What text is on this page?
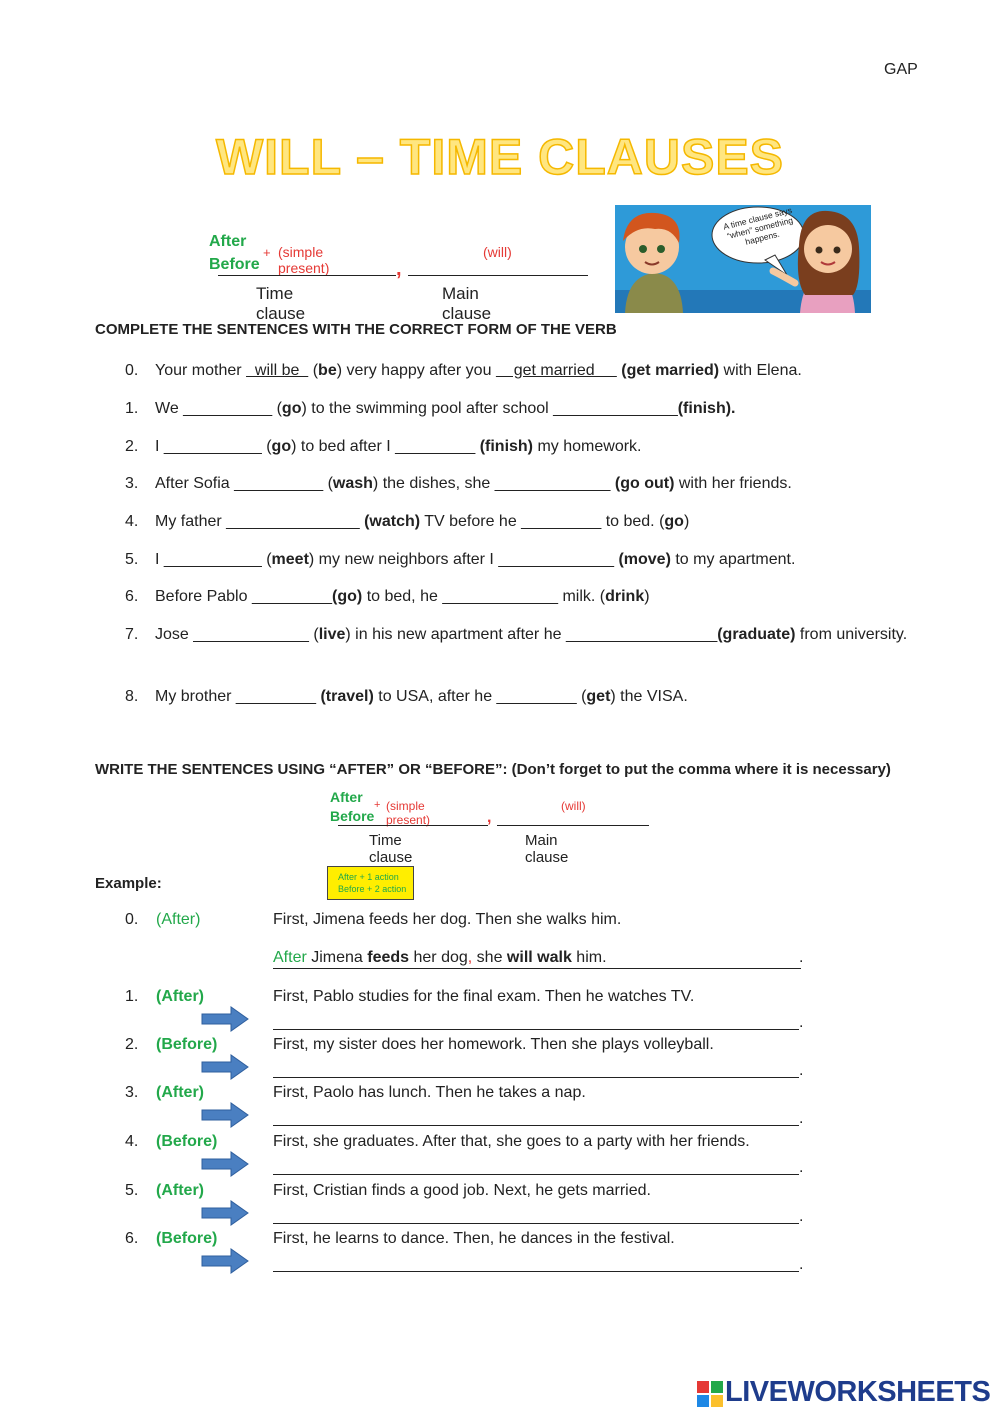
GAP
WILL – TIME CLAUSES
After
Before
+ (simple present)
(will)
,
Time clause
Main clause
A time clause says “when” something happens.
COMPLETE THE SENTENCES WITH THE CORRECT FORM OF THE VERB
0.	Your mother   will be   (be) very happy after you     get married      (get married) with Elena.
1.	We __________ (go) to the swimming pool after school ______________(finish).
2.	I ___________ (go) to bed after I _________ (finish) my homework.
3.	After Sofia __________ (wash) the dishes, she _____________ (go out) with her friends.
4.	My father _______________ (watch) TV before he _________ to bed. (go)
5.	I ___________ (meet) my new neighbors after I _____________ (move) to my apartment.
6.	Before Pablo _________(go) to bed, he _____________ milk. (drink)
7.	Jose _____________ (live) in his new apartment after he _________________(graduate) from university.
8.	My brother _________ (travel) to USA, after he _________ (get) the VISA.
WRITE THE SENTENCES USING “AFTER” OR “BEFORE”: (Don’t forget to put the comma where it is necessary)
After
Before
+ (simple present)
(will)
,
Time clause
Main clause
Example:	After + 1 action
Before + 2 action
0. (After)	First, Jimena feeds her dog. Then she walks him.
After Jimena feeds her dog, she will walk him.	.
1. (After)	First, Pablo studies for the final exam. Then he watches TV.
.
2. (Before)	First, my sister does her homework. Then she plays volleyball.
.
3. (After)	First, Paolo has lunch. Then he takes a nap.
.
4. (Before)	First, she graduates. After that, she goes to a party with her friends.
.
5. (After)	First, Cristian finds a good job. Next, he gets married.
.
6. (Before)	First, he learns to dance. Then, he dances in the festival.
.
LIVEWORKSHEETS
